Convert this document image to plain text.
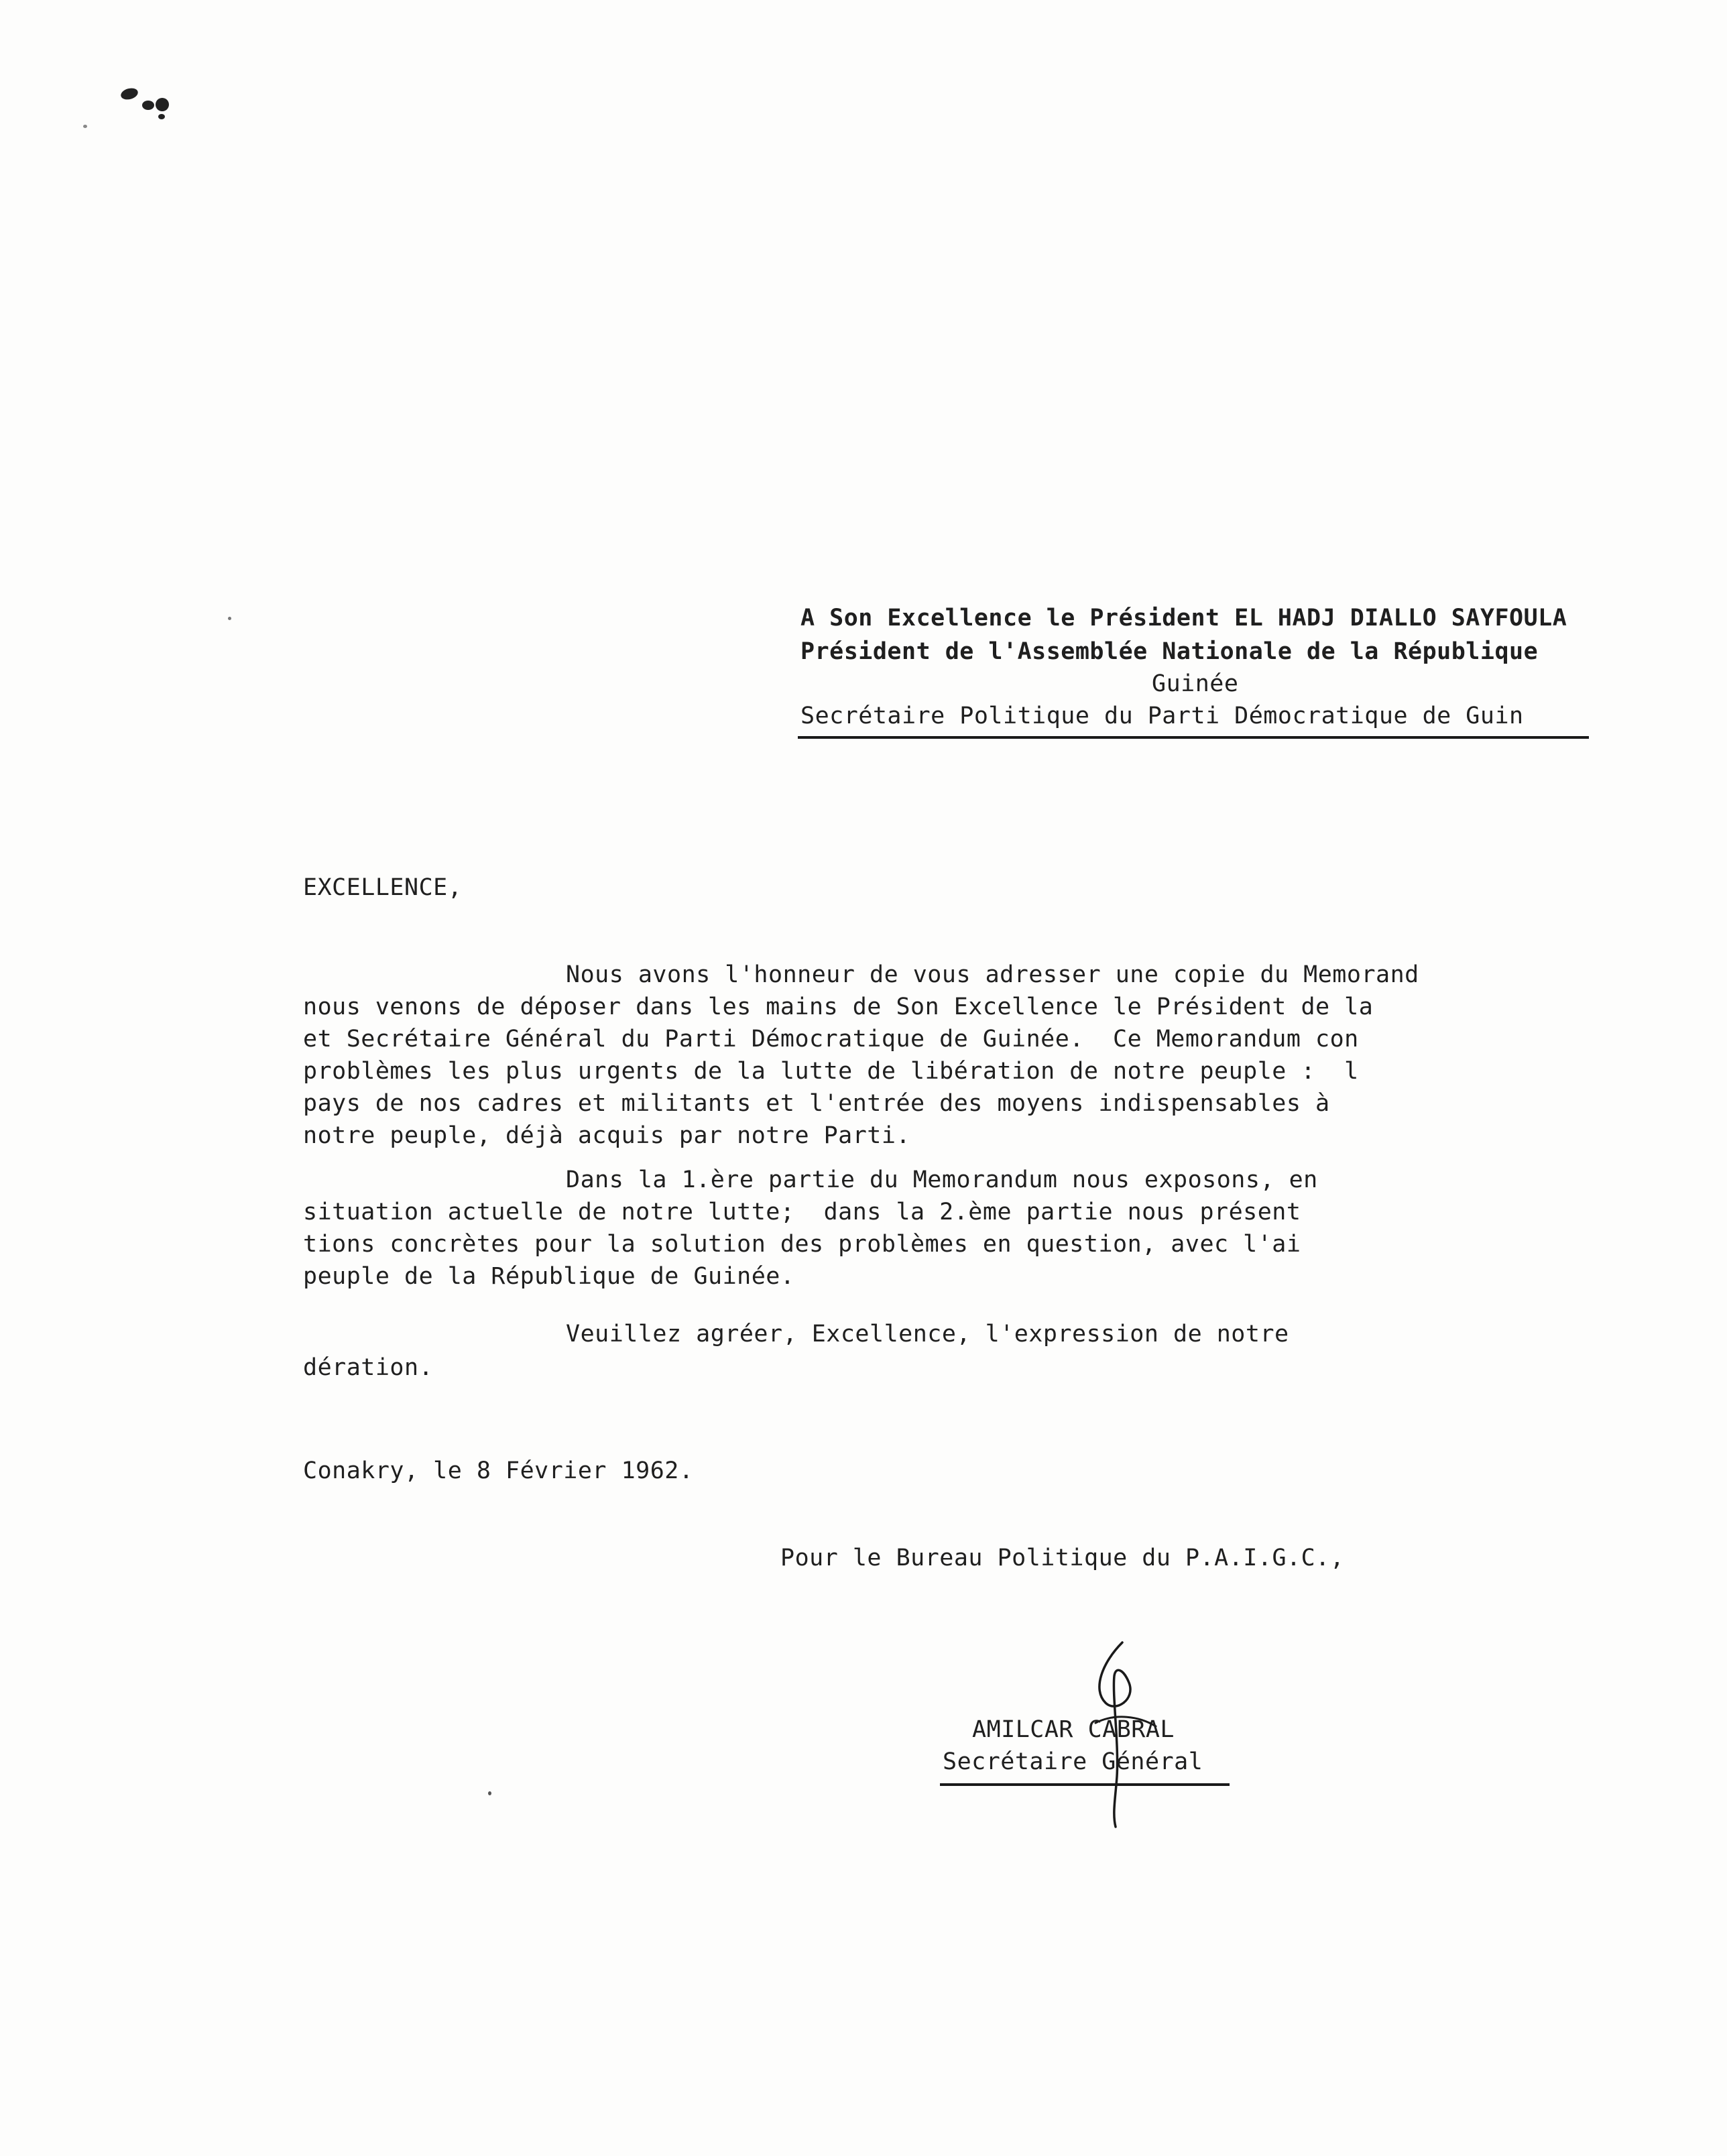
A Son Excellence le Président EL HADJ DIALLO SAYFOULA
Président de l'Assemblée Nationale de la République
Guinée
Secrétaire Politique du Parti Démocratique de Guin
EXCELLENCE,
Nous avons l'honneur de vous adresser une copie du Memorand
nous venons de déposer dans les mains de Son Excellence le Président de la
et Secrétaire Général du Parti Démocratique de Guinée.  Ce Memorandum con
problèmes les plus urgents de la lutte de libération de notre peuple :  l
pays de nos cadres et militants et l'entrée des moyens indispensables à
notre peuple, déjà acquis par notre Parti.
Dans la 1.ère partie du Memorandum nous exposons, en
situation actuelle de notre lutte;  dans la 2.ème partie nous présent
tions concrètes pour la solution des problèmes en question, avec l'ai
peuple de la République de Guinée.
Veuillez agréer, Excellence, l'expression de notre
dération.
Conakry, le 8 Février 1962.
Pour le Bureau Politique du P.A.I.G.C.,
AMILCAR CABRAL
Secrétaire Général
